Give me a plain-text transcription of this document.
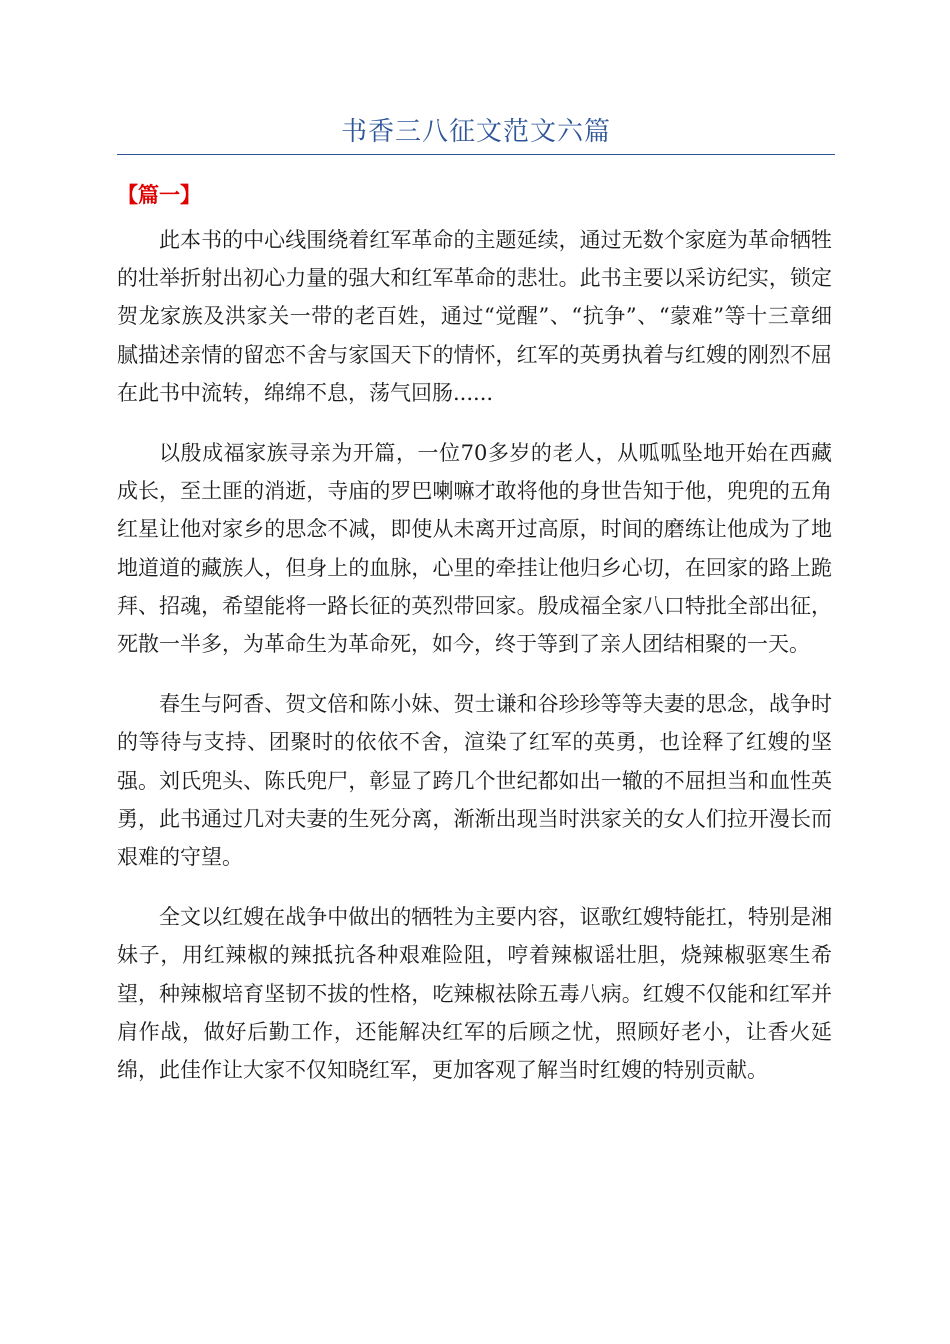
书香三八征文范文六篇
【篇一】

此本书的中心线围绕着红军革命的主题延续，通过无数个家庭为革命牺牲的壮举折射出初心力量的强大和红军革命的悲壮。此书主要以采访纪实，锁定贺龙家族及洪家关一带的老百姓，通过“觉醒”、“抗争”、“蒙难”等十三章细腻描述亲情的留恋不舍与家国天下的情怀，红军的英勇执着与红嫂的刚烈不屈在此书中流转，绵绵不息，荡气回肠......

以殷成福家族寻亲为开篇，一位70多岁的老人，从呱呱坠地开始在西藏成长，至土匪的消逝，寺庙的罗巴喇嘛才敢将他的身世告知于他，兜兜的五角红星让他对家乡的思念不减，即使从未离开过高原，时间的磨练让他成为了地地道道的藏族人，但身上的血脉，心里的牵挂让他归乡心切，在回家的路上跪拜、招魂，希望能将一路长征的英烈带回家。殷成福全家八口特批全部出征，死散一半多，为革命生为革命死，如今，终于等到了亲人团结相聚的一天。

春生与阿香、贺文倍和陈小妹、贺士谦和谷珍珍等等夫妻的思念，战争时的等待与支持、团聚时的依依不舍，渲染了红军的英勇，也诠释了红嫂的坚强。刘氏兜头、陈氏兜尸，彰显了跨几个世纪都如出一辙的不屈担当和血性英勇，此书通过几对夫妻的生死分离，渐渐出现当时洪家关的女人们拉开漫长而艰难的守望。

全文以红嫂在战争中做出的牺牲为主要内容，讴歌红嫂特能扛，特别是湘妹子，用红辣椒的辣抵抗各种艰难险阻，哼着辣椒谣壮胆，烧辣椒驱寒生希望，种辣椒培育坚韧不拔的性格，吃辣椒祛除五毒八病。红嫂不仅能和红军并肩作战，做好后勤工作，还能解决红军的后顾之忧，照顾好老小，让香火延绵，此佳作让大家不仅知晓红军，更加客观了解当时红嫂的特别贡献。
